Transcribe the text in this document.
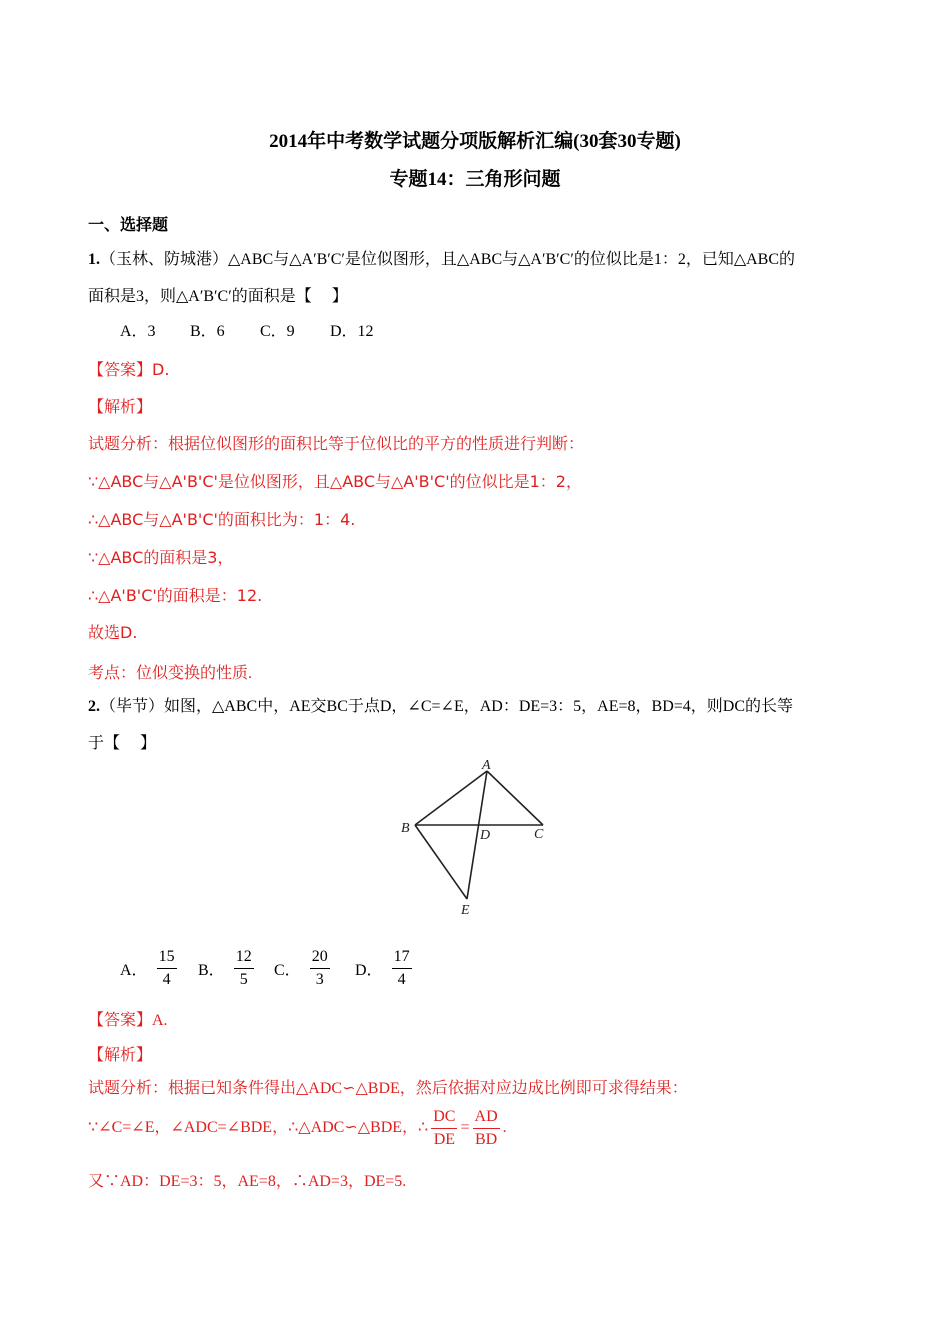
2014年中考数学试题分项版解析汇编(30套30专题)
专题14：三角形问题
一、选择题
1.（玉林、防城港）△ABC与△A′B′C′是位似图形，且△ABC与△A′B′C′的位似比是1：2，已知△ABC的
面积是3，则△A′B′C′的面积是【　 】
A．3 B．6 C．9 D．12
【答案】D.
【解析】
试题分析：根据位似图形的面积比等于位似比的平方的性质进行判断：
∵△ABC与△A'B'C'是位似图形，且△ABC与△A'B'C'的位似比是1：2，
∴△ABC与△A'B'C'的面积比为：1：4.
∵△ABC的面积是3，
∴△A'B'C'的面积是：12.
故选D.
考点：位似变换的性质.
2.（毕节）如图，△ABC中，AE交BC于点D，∠C=∠E，AD：DE=3：5，AE=8，BD=4，则DC的长等
于【　 】
A
B	C
D
E
A． $\frac{15}{4}$ B． $\frac{12}{5}$ C． $\frac{20}{3}$ D． $\frac{17}{4}$
【答案】A.
【解析】
试题分析：根据已知条件得出△ADC∽△BDE，然后依据对应边成比例即可求得结果：
∵∠C=∠E，∠ADC=∠BDE，∴△ADC∽△BDE，∴ $\frac{DC}{DE} = \frac{AD}{BD}$ .
又∵AD：DE=3：5，AE=8，∴AD=3，DE=5.
